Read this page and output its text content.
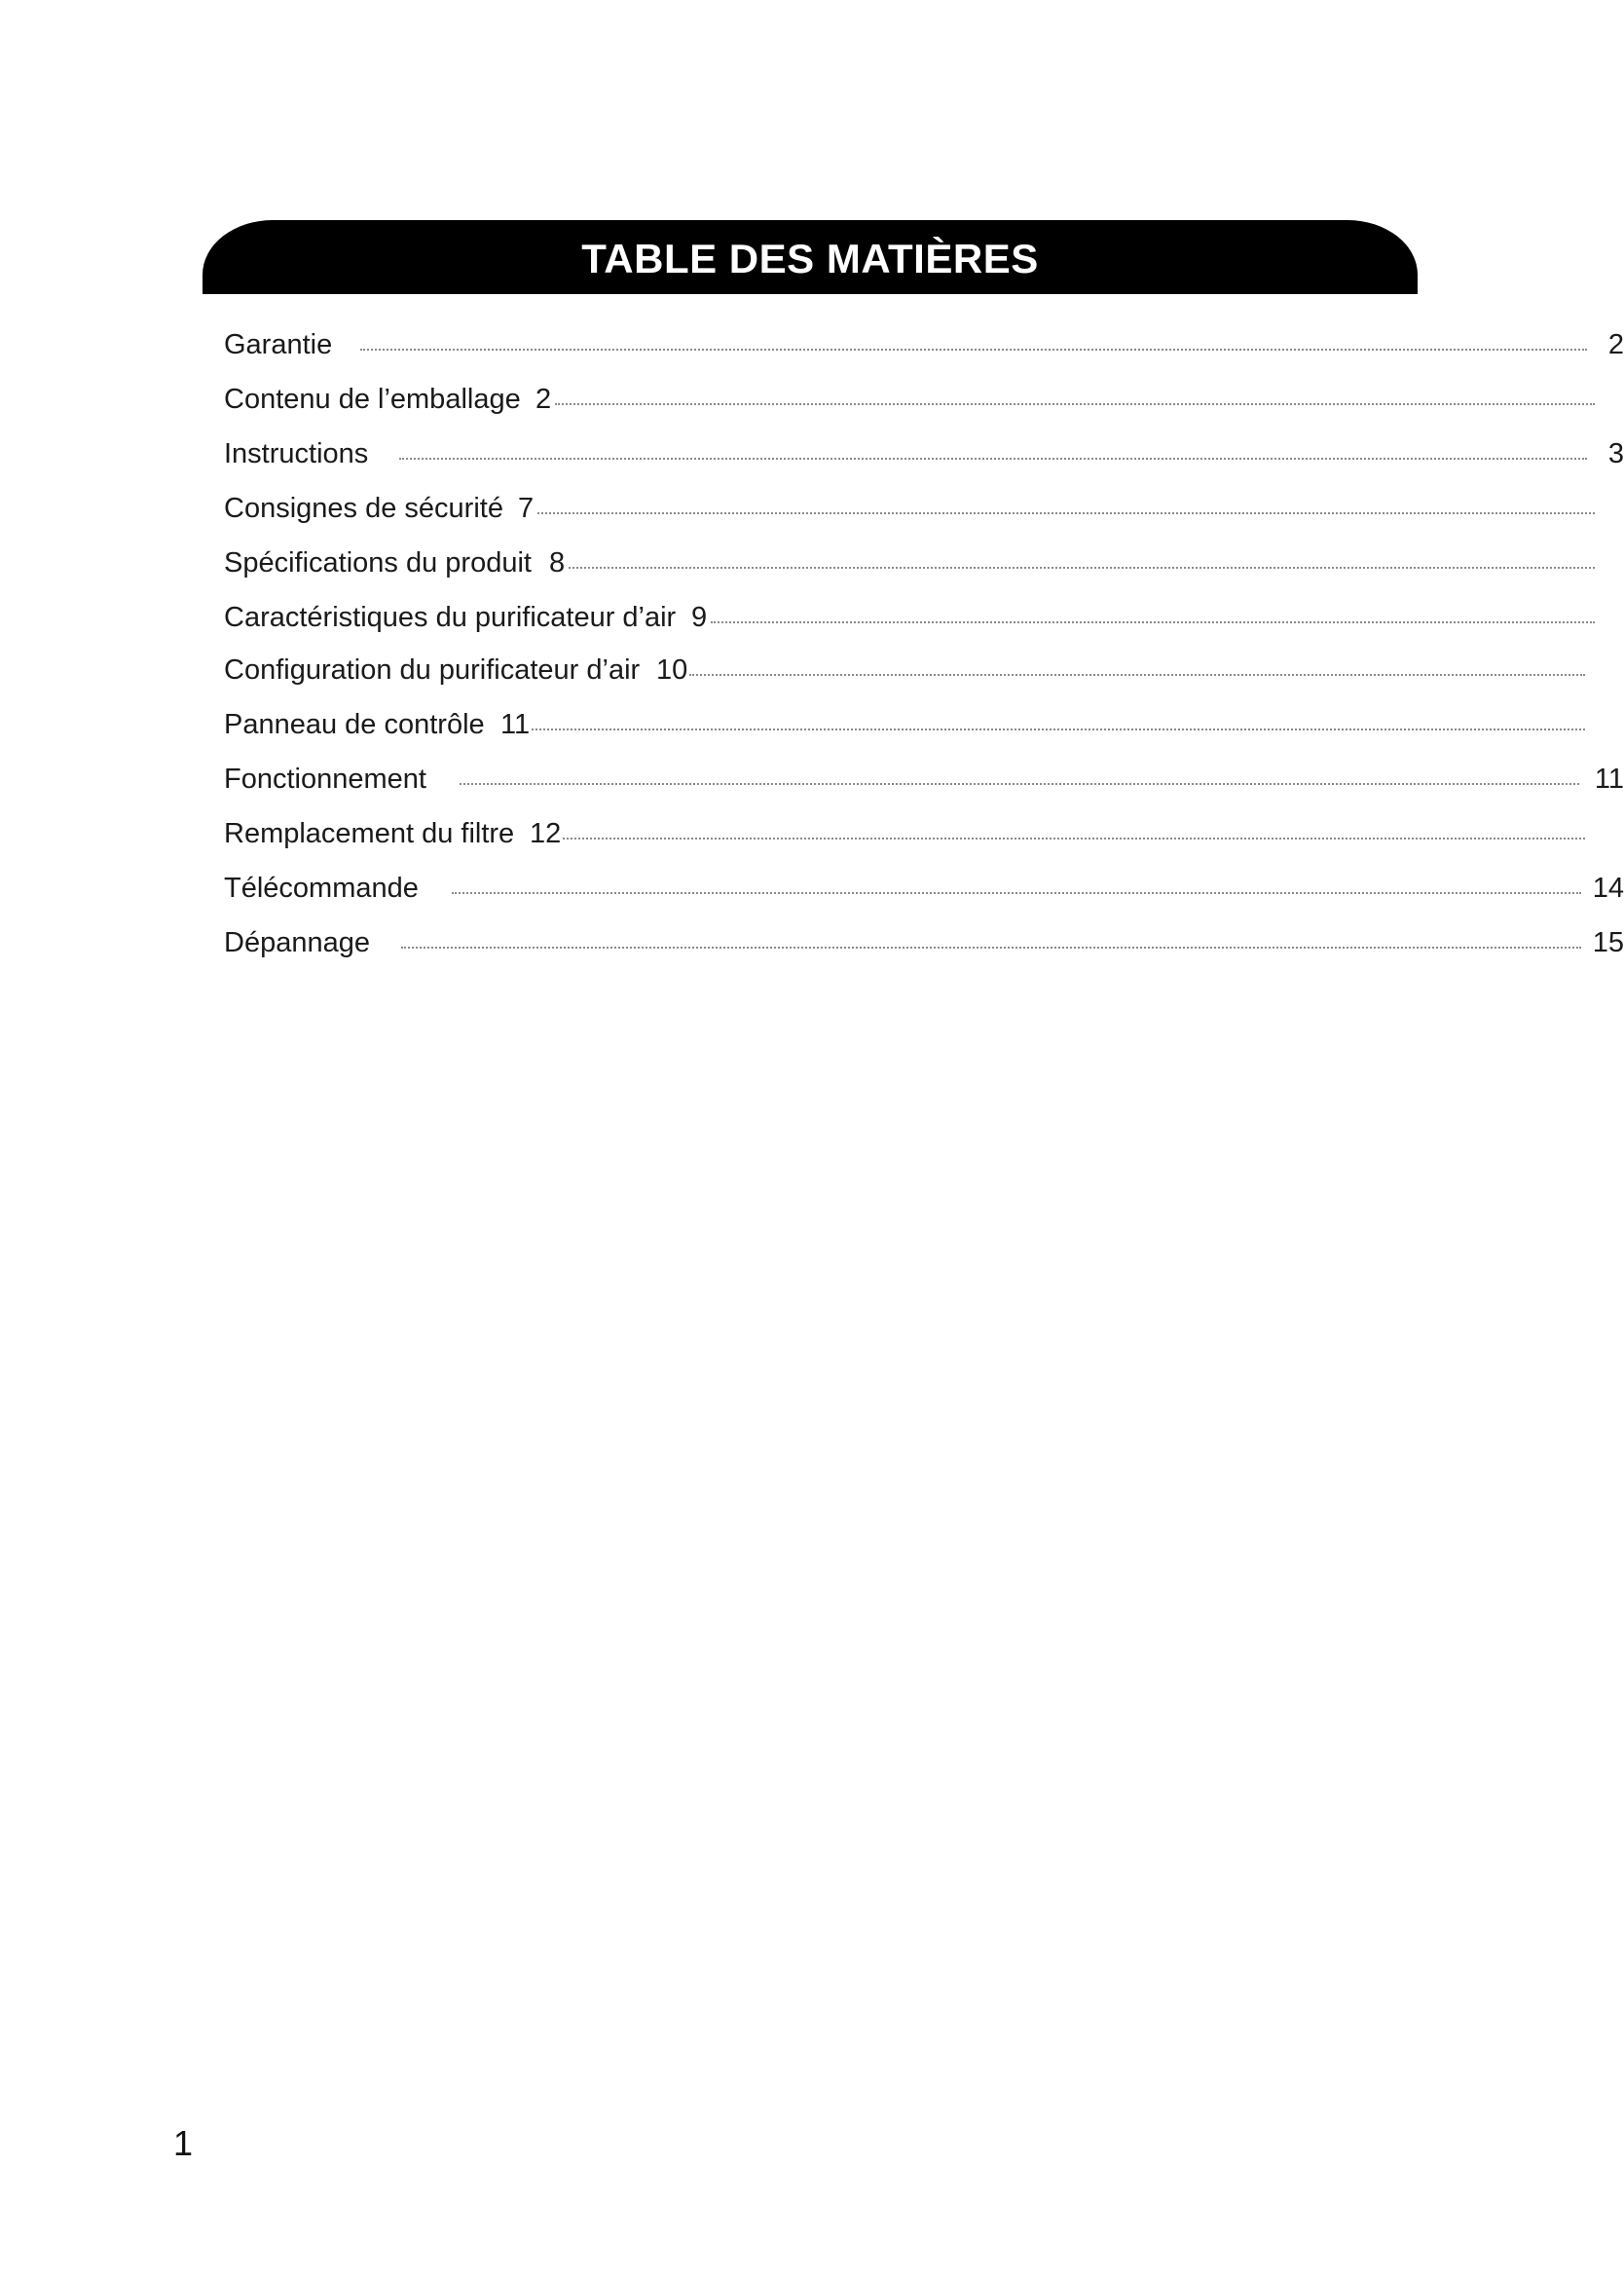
TABLE DES MATIÈRES
Garantie	2
Contenu de l’emballage 2
Instructions	3
Consignes de sécurité 7
Spécifications du produit 8
Caractéristiques du purificateur d’air 9
Configuration du purificateur d’air 10
Panneau de contrôle 11
Fonctionnement	11
Remplacement du filtre 12
Télécommande	14
Dépannage	15
1
